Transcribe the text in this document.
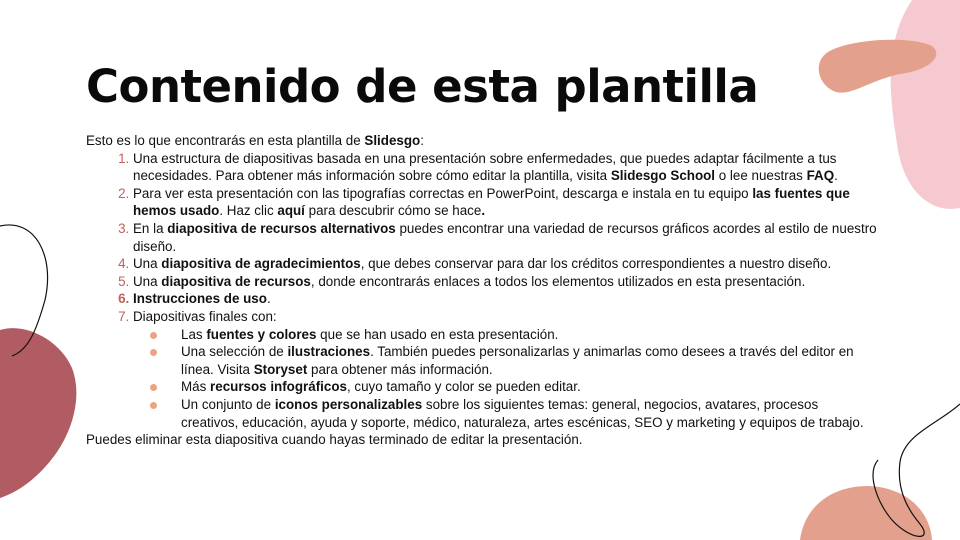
Contenido de esta plantilla

Esto es lo que encontrarás en esta plantilla de Slidesgo:

1. Una estructura de diapositivas basada en una presentación sobre enfermedades, que puedes adaptar fácilmente a tus necesidades. Para obtener más información sobre cómo editar la plantilla, visita Slidesgo School o lee nuestras FAQ.
2. Para ver esta presentación con las tipografías correctas en PowerPoint, descarga e instala en tu equipo las fuentes que hemos usado. Haz clic aquí para descubrir cómo se hace.
3. En la diapositiva de recursos alternativos puedes encontrar una variedad de recursos gráficos acordes al estilo de nuestro diseño.
4. Una diapositiva de agradecimientos, que debes conservar para dar los créditos correspondientes a nuestro diseño.
5. Una diapositiva de recursos, donde encontrarás enlaces a todos los elementos utilizados en esta presentación.
6. Instrucciones de uso.
7. Diapositivas finales con:
Las fuentes y colores que se han usado en esta presentación.
Una selección de ilustraciones. También puedes personalizarlas y animarlas como desees a través del editor en línea. Visita Storyset para obtener más información.
Más recursos infográficos, cuyo tamaño y color se pueden editar.
Un conjunto de iconos personalizables sobre los siguientes temas: general, negocios, avatares, procesos creativos, educación, ayuda y soporte, médico, naturaleza, artes escénicas, SEO y marketing y equipos de trabajo.

Puedes eliminar esta diapositiva cuando hayas terminado de editar la presentación.
